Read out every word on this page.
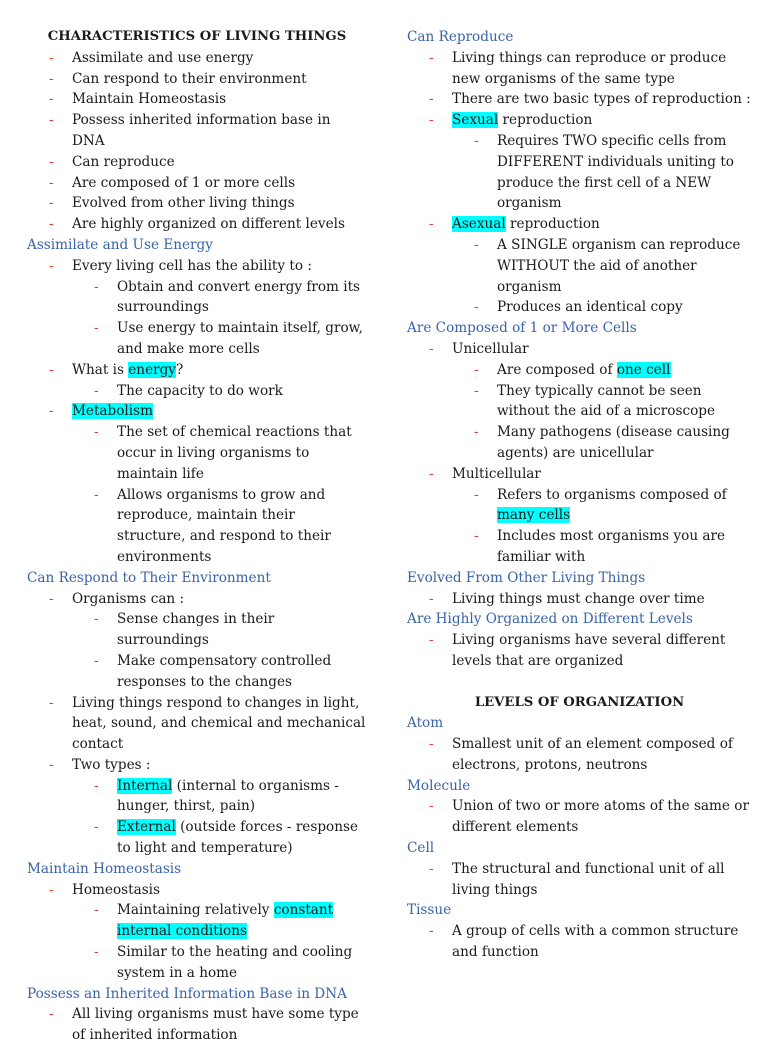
CHARACTERISTICS OF LIVING THINGS
- Assimilate and use energy
- Can respond to their environment
- Maintain Homeostasis
- Possess inherited information base in DNA
- Can reproduce
- Are composed of 1 or more cells
- Evolved from other living things
- Are highly organized on different levels
Assimilate and Use Energy
- Every living cell has the ability to :
- Obtain and convert energy from its surroundings
- Use energy to maintain itself, grow, and make more cells
- What is energy?
- The capacity to do work
- Metabolism
- The set of chemical reactions that occur in living organisms to maintain life
- Allows organisms to grow and reproduce, maintain their structure, and respond to their environments
Can Respond to Their Environment
- Organisms can :
- Sense changes in their surroundings
- Make compensatory controlled responses to the changes
- Living things respond to changes in light, heat, sound, and chemical and mechanical contact
- Two types :
- Internal (internal to organisms - hunger, thirst, pain)
- External (outside forces - response to light and temperature)
Maintain Homeostasis
- Homeostasis
- Maintaining relatively constant internal conditions
- Similar to the heating and cooling system in a home
Possess an Inherited Information Base in DNA
- All living organisms must have some type of inherited information
Can Reproduce
- Living things can reproduce or produce new organisms of the same type
- There are two basic types of reproduction :
- Sexual reproduction
- Requires TWO specific cells from DIFFERENT individuals uniting to produce the first cell of a NEW organism
- Asexual reproduction
- A SINGLE organism can reproduce WITHOUT the aid of another organism
- Produces an identical copy
Are Composed of 1 or More Cells
- Unicellular
- Are composed of one cell
- They typically cannot be seen without the aid of a microscope
- Many pathogens (disease causing agents) are unicellular
- Multicellular
- Refers to organisms composed of many cells
- Includes most organisms you are familiar with
Evolved From Other Living Things
- Living things must change over time
Are Highly Organized on Different Levels
- Living organisms have several different levels that are organized
LEVELS OF ORGANIZATION
Atom
- Smallest unit of an element composed of electrons, protons, neutrons
Molecule
- Union of two or more atoms of the same or different elements
Cell
- The structural and functional unit of all living things
Tissue
- A group of cells with a common structure and function
